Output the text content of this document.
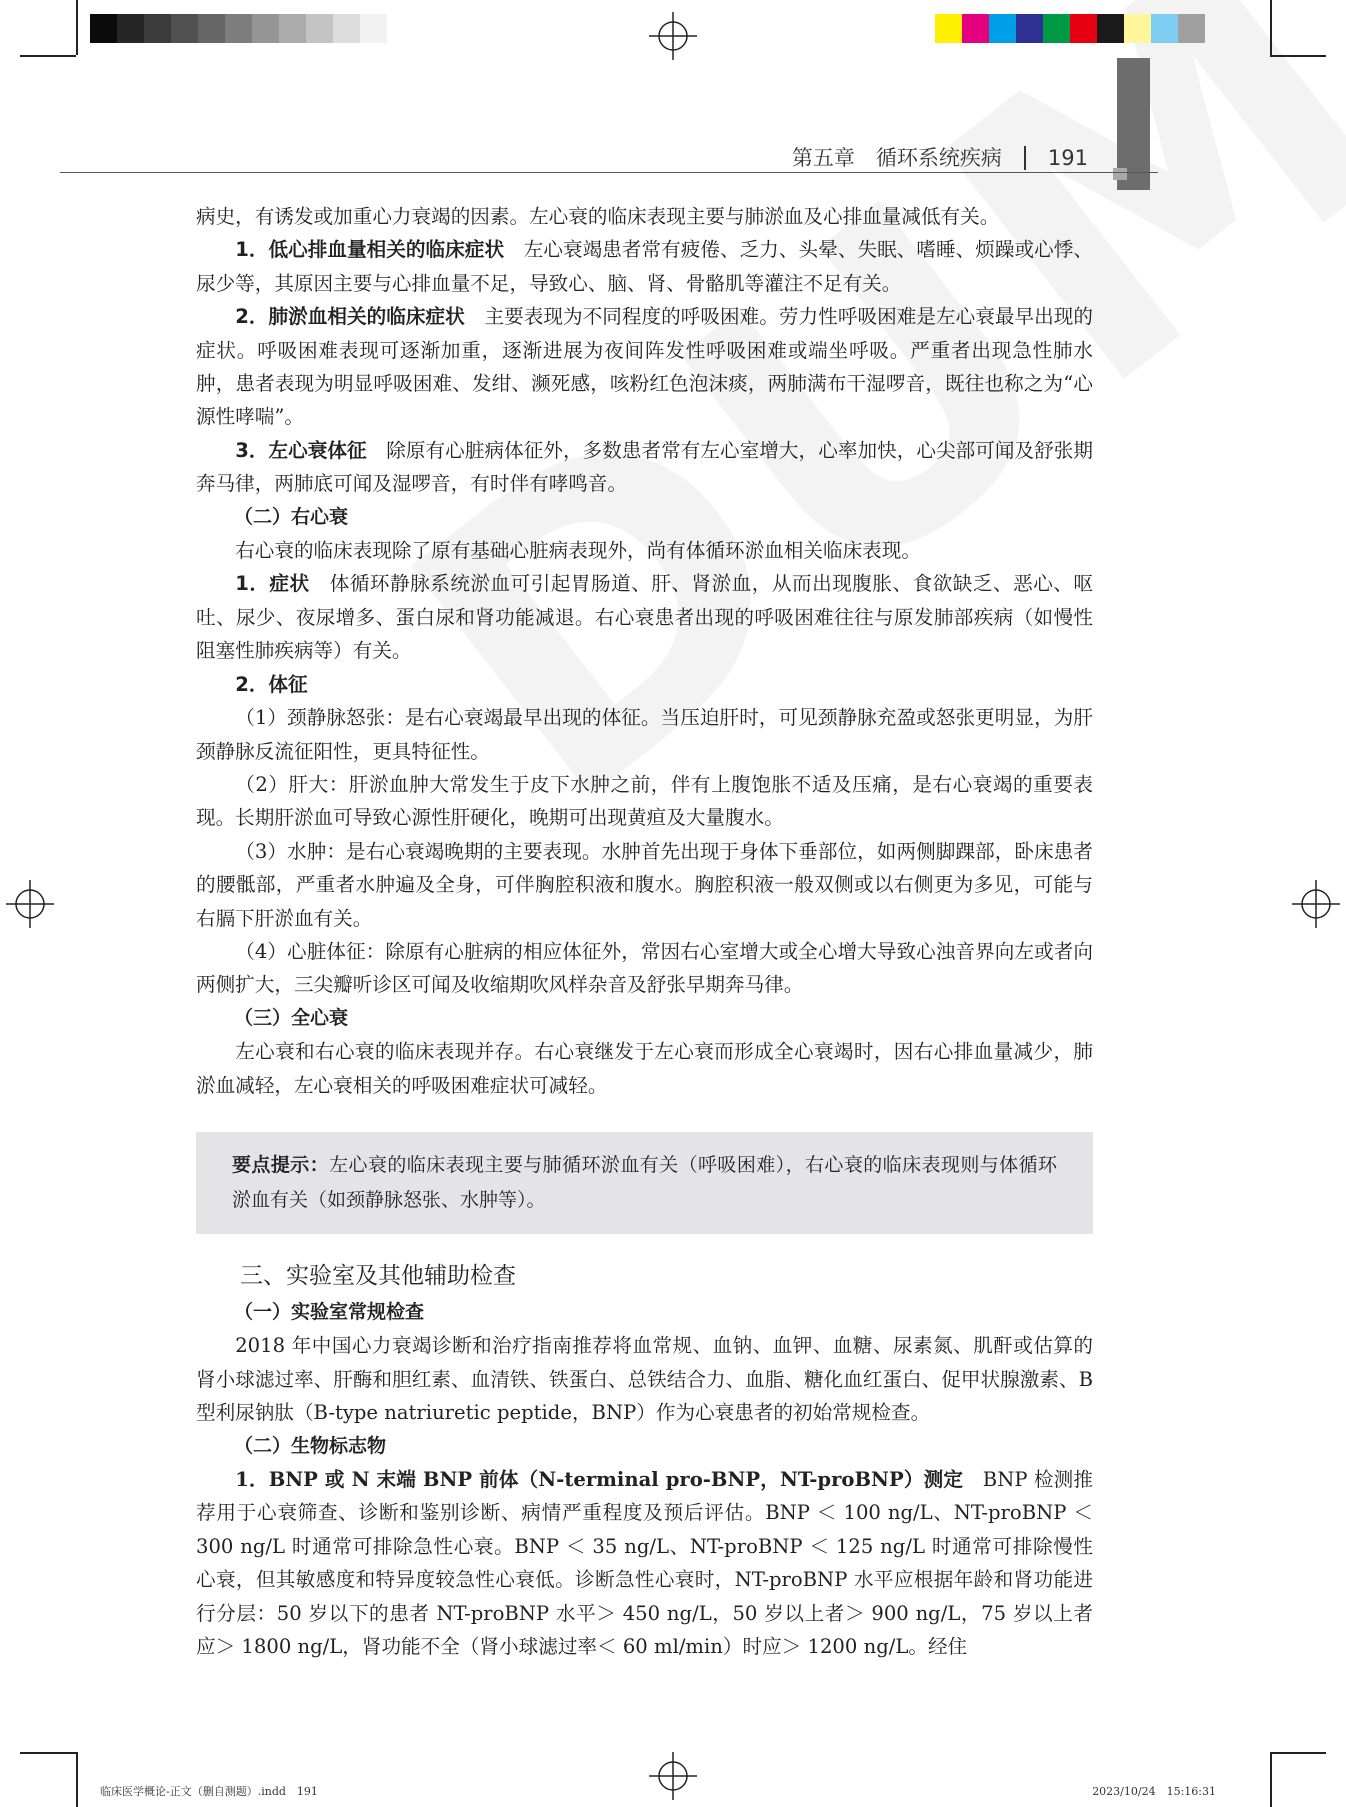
第五章　循环系统疾病 191

病史，有诱发或加重心力衰竭的因素。左心衰的临床表现主要与肺淤血及心排血量减低有关。

1．低心排血量相关的临床症状　左心衰竭患者常有疲倦、乏力、头晕、失眠、嗜睡、烦躁或心悸、尿少等，其原因主要与心排血量不足，导致心、脑、肾、骨骼肌等灌注不足有关。

2．肺淤血相关的临床症状　主要表现为不同程度的呼吸困难。劳力性呼吸困难是左心衰最早出现的症状。呼吸困难表现可逐渐加重，逐渐进展为夜间阵发性呼吸困难或端坐呼吸。严重者出现急性肺水肿，患者表现为明显呼吸困难、发绀、濒死感，咳粉红色泡沫痰，两肺满布干湿啰音，既往也称之为“心源性哮喘”。

3．左心衰体征　除原有心脏病体征外，多数患者常有左心室增大，心率加快，心尖部可闻及舒张期奔马律，两肺底可闻及湿啰音，有时伴有哮鸣音。

（二）右心衰

右心衰的临床表现除了原有基础心脏病表现外，尚有体循环淤血相关临床表现。

1．症状　体循环静脉系统淤血可引起胃肠道、肝、肾淤血，从而出现腹胀、食欲缺乏、恶心、呕吐、尿少、夜尿增多、蛋白尿和肾功能减退。右心衰患者出现的呼吸困难往往与原发肺部疾病（如慢性阻塞性肺疾病等）有关。

2．体征

（1）颈静脉怒张：是右心衰竭最早出现的体征。当压迫肝时，可见颈静脉充盈或怒张更明显，为肝颈静脉反流征阳性，更具特征性。

（2）肝大：肝淤血肿大常发生于皮下水肿之前，伴有上腹饱胀不适及压痛，是右心衰竭的重要表现。长期肝淤血可导致心源性肝硬化，晚期可出现黄疸及大量腹水。

（3）水肿：是右心衰竭晚期的主要表现。水肿首先出现于身体下垂部位，如两侧脚踝部，卧床患者的腰骶部，严重者水肿遍及全身，可伴胸腔积液和腹水。胸腔积液一般双侧或以右侧更为多见，可能与右膈下肝淤血有关。

（4）心脏体征：除原有心脏病的相应体征外，常因右心室增大或全心增大导致心浊音界向左或者向两侧扩大，三尖瓣听诊区可闻及收缩期吹风样杂音及舒张早期奔马律。

（三）全心衰

左心衰和右心衰的临床表现并存。右心衰继发于左心衰而形成全心衰竭时，因右心排血量减少，肺淤血减轻，左心衰相关的呼吸困难症状可减轻。

要点提示：左心衰的临床表现主要与肺循环淤血有关（呼吸困难），右心衰的临床表现则与体循环淤血有关（如颈静脉怒张、水肿等）。

三、实验室及其他辅助检查

（一）实验室常规检查

2018 年中国心力衰竭诊断和治疗指南推荐将血常规、血钠、血钾、血糖、尿素氮、肌酐或估算的肾小球滤过率、肝酶和胆红素、血清铁、铁蛋白、总铁结合力、血脂、糖化血红蛋白、促甲状腺激素、B 型利尿钠肽（B-type natriuretic peptide，BNP）作为心衰患者的初始常规检查。

（二）生物标志物

1．BNP 或 N 末端 BNP 前体（N-terminal pro-BNP，NT-proBNP）测定　BNP 检测推荐用于心衰筛查、诊断和鉴别诊断、病情严重程度及预后评估。BNP ＜ 100 ng/L、NT-proBNP ＜ 300 ng/L 时通常可排除急性心衰。BNP ＜ 35 ng/L、NT-proBNP ＜ 125 ng/L 时通常可排除慢性心衰，但其敏感度和特异度较急性心衰低。诊断急性心衰时，NT-proBNP 水平应根据年龄和肾功能进行分层：50 岁以下的患者 NT-proBNP 水平＞ 450 ng/L，50 岁以上者＞ 900 ng/L，75 岁以上者应＞ 1800 ng/L，肾功能不全（肾小球滤过率＜ 60 ml/min）时应＞ 1200 ng/L。经住

临床医学概论-正文（删自测题）.indd　191	2023/10/24　15:16:31
